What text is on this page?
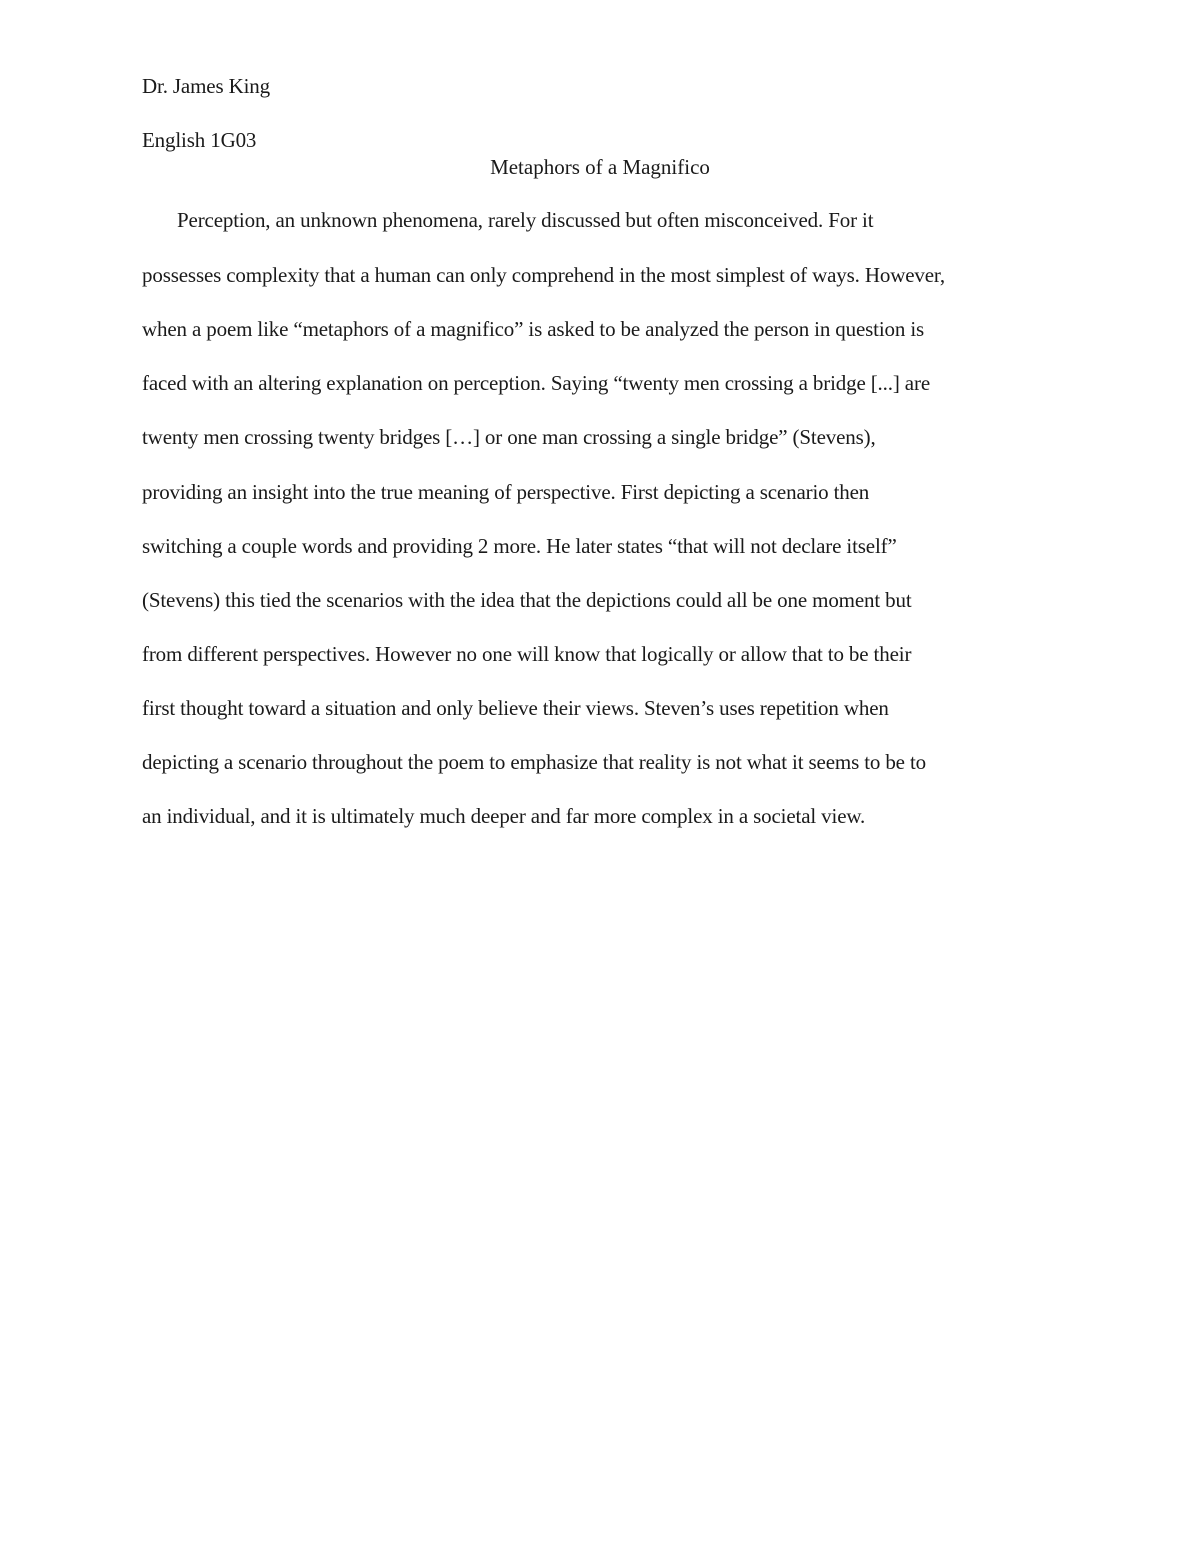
Dr. James King
English 1G03
Metaphors of a Magnifico
Perception, an unknown phenomena, rarely discussed but often misconceived. For it
possesses complexity that a human can only comprehend in the most simplest of ways. However,
when a poem like “metaphors of a magnifico” is asked to be analyzed the person in question is
faced with an altering explanation on perception. Saying “twenty men crossing a bridge [...] are
twenty men crossing twenty bridges […] or one man crossing a single bridge” (Stevens),
providing an insight into the true meaning of perspective. First depicting a scenario then
switching a couple words and providing 2 more. He later states “that will not declare itself”
(Stevens) this tied the scenarios with the idea that the depictions could all be one moment but
from different perspectives. However no one will know that logically or allow that to be their
first thought toward a situation and only believe their views. Steven’s uses repetition when
depicting a scenario throughout the poem to emphasize that reality is not what it seems to be to
an individual, and it is ultimately much deeper and far more complex in a societal view.
